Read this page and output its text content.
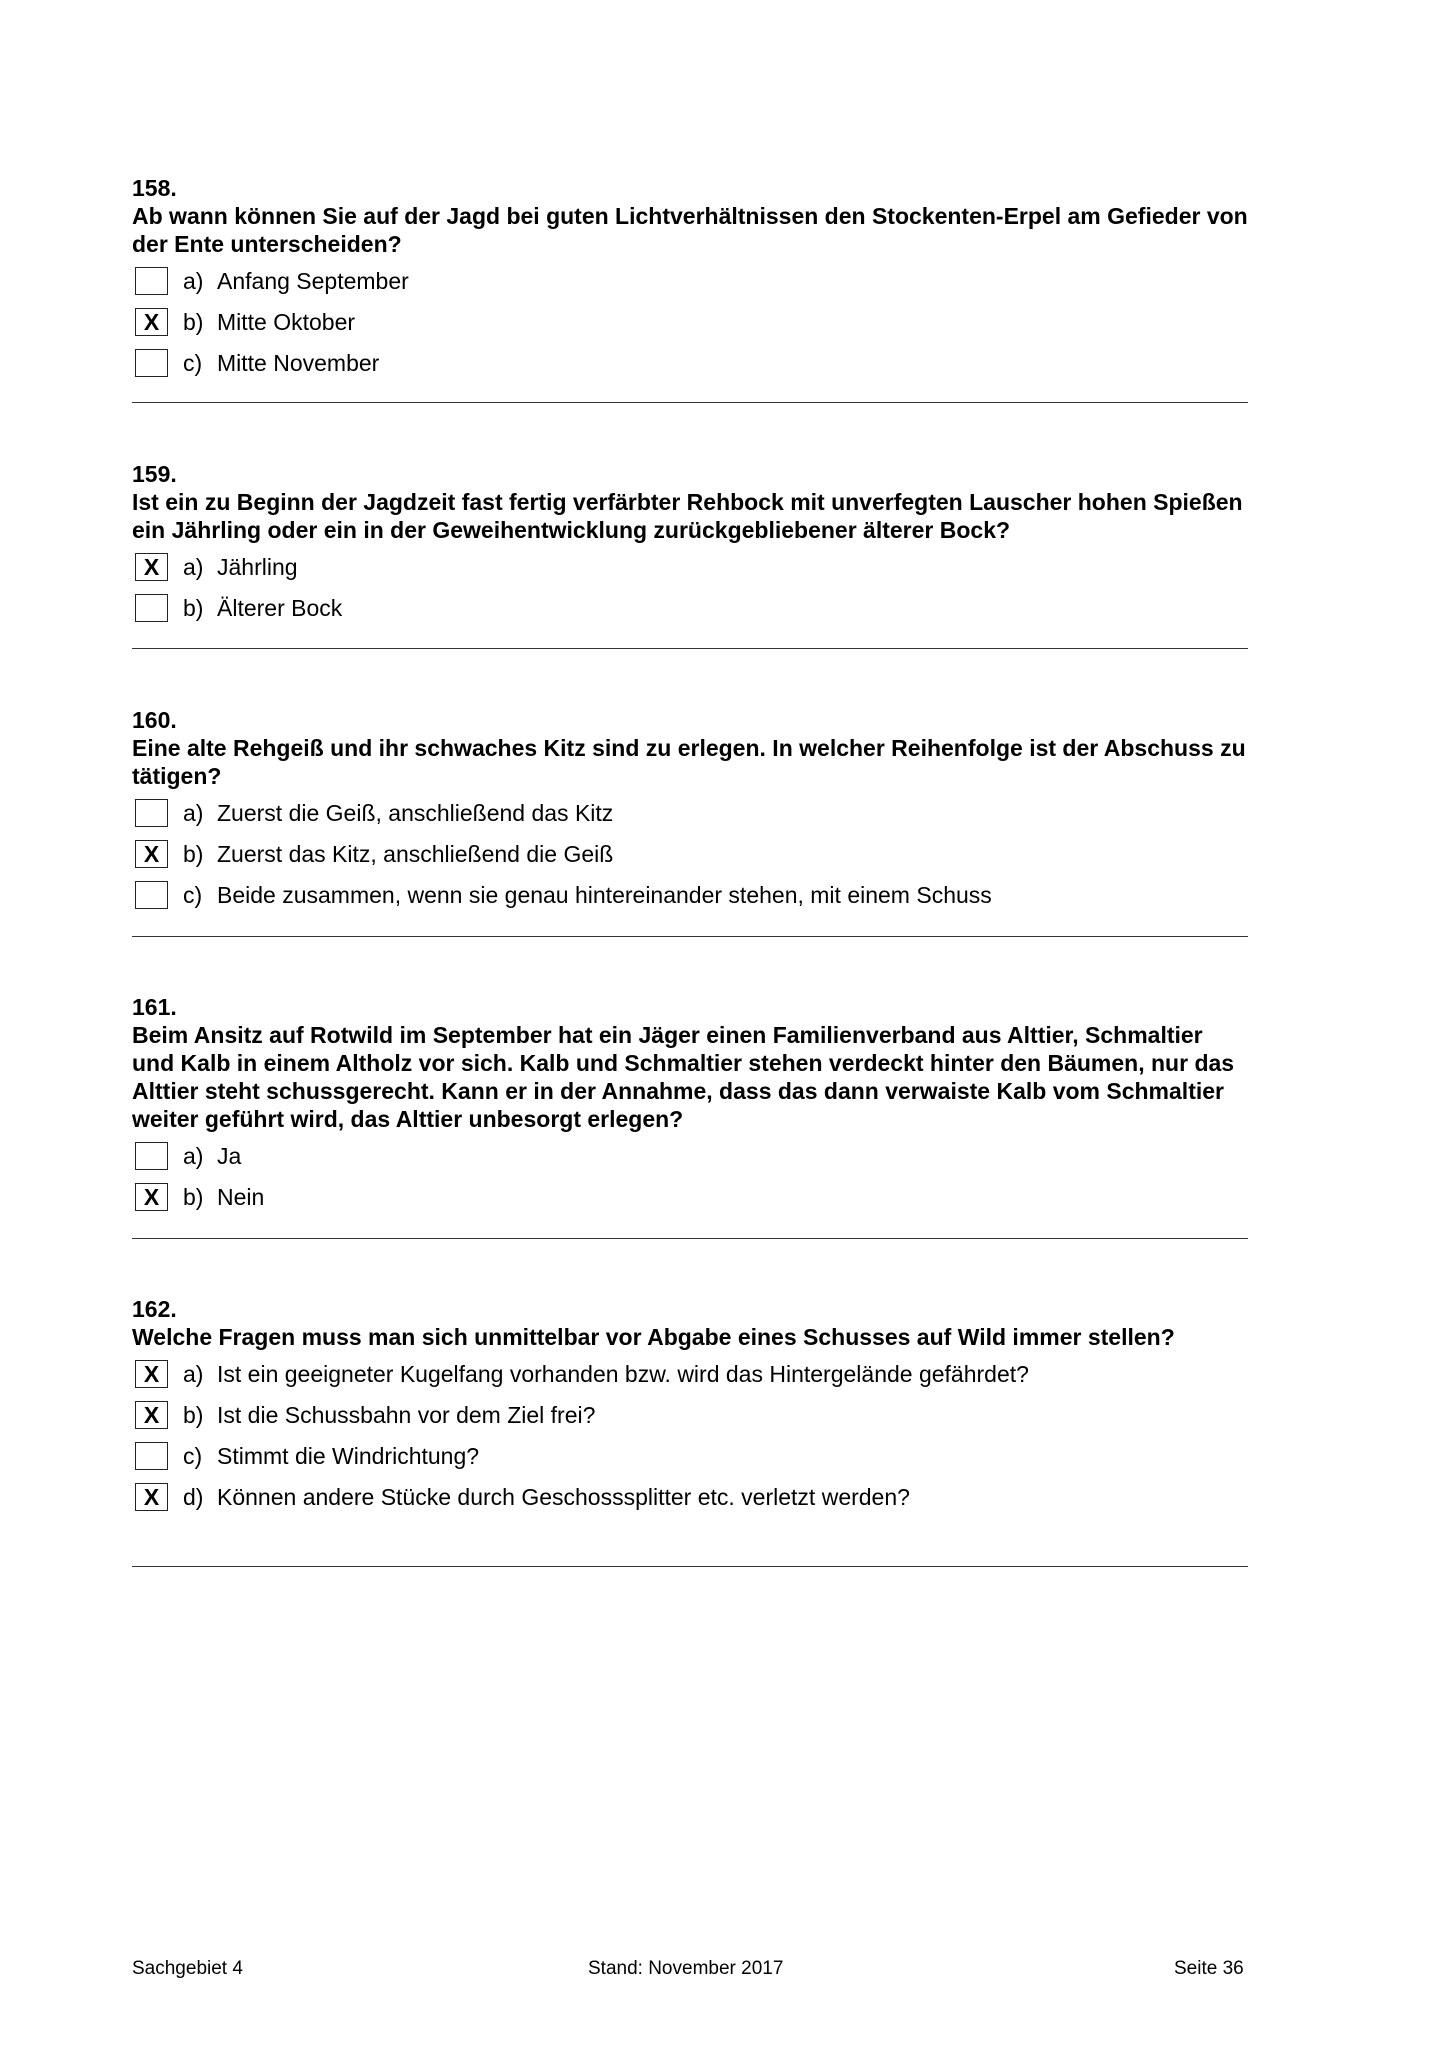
158.

Ab wann können Sie auf der Jagd bei guten Lichtverhältnissen den Stockenten-Erpel am Gefieder von der Ente unterscheiden?

a) Anfang September
X b) Mitte Oktober
c) Mitte November

159.

Ist ein zu Beginn der Jagdzeit fast fertig verfärbter Rehbock mit unverfegten Lauscher hohen Spießen ein Jährling oder ein in der Geweihentwicklung zurückgebliebener älterer Bock?

X a) Jährling
b) Älterer Bock

160.

Eine alte Rehgeiß und ihr schwaches Kitz sind zu erlegen. In welcher Reihenfolge ist der Abschuss zu tätigen?

a) Zuerst die Geiß, anschließend das Kitz
X b) Zuerst das Kitz, anschließend die Geiß
c) Beide zusammen, wenn sie genau hintereinander stehen, mit einem Schuss

161.

Beim Ansitz auf Rotwild im September hat ein Jäger einen Familienverband aus Alttier, Schmaltier und Kalb in einem Altholz vor sich. Kalb und Schmaltier stehen verdeckt hinter den Bäumen, nur das Alttier steht schussgerecht. Kann er in der Annahme, dass das dann verwaiste Kalb vom Schmaltier weiter geführt wird, das Alttier unbesorgt erlegen?

a) Ja
X b) Nein

162.

Welche Fragen muss man sich unmittelbar vor Abgabe eines Schusses auf Wild immer stellen?

X a) Ist ein geeigneter Kugelfang vorhanden bzw. wird das Hintergelände gefährdet?
X b) Ist die Schussbahn vor dem Ziel frei?
c) Stimmt die Windrichtung?
X d) Können andere Stücke durch Geschosssplitter etc. verletzt werden?
Sachgebiet 4	Stand: November 2017	Seite 36
